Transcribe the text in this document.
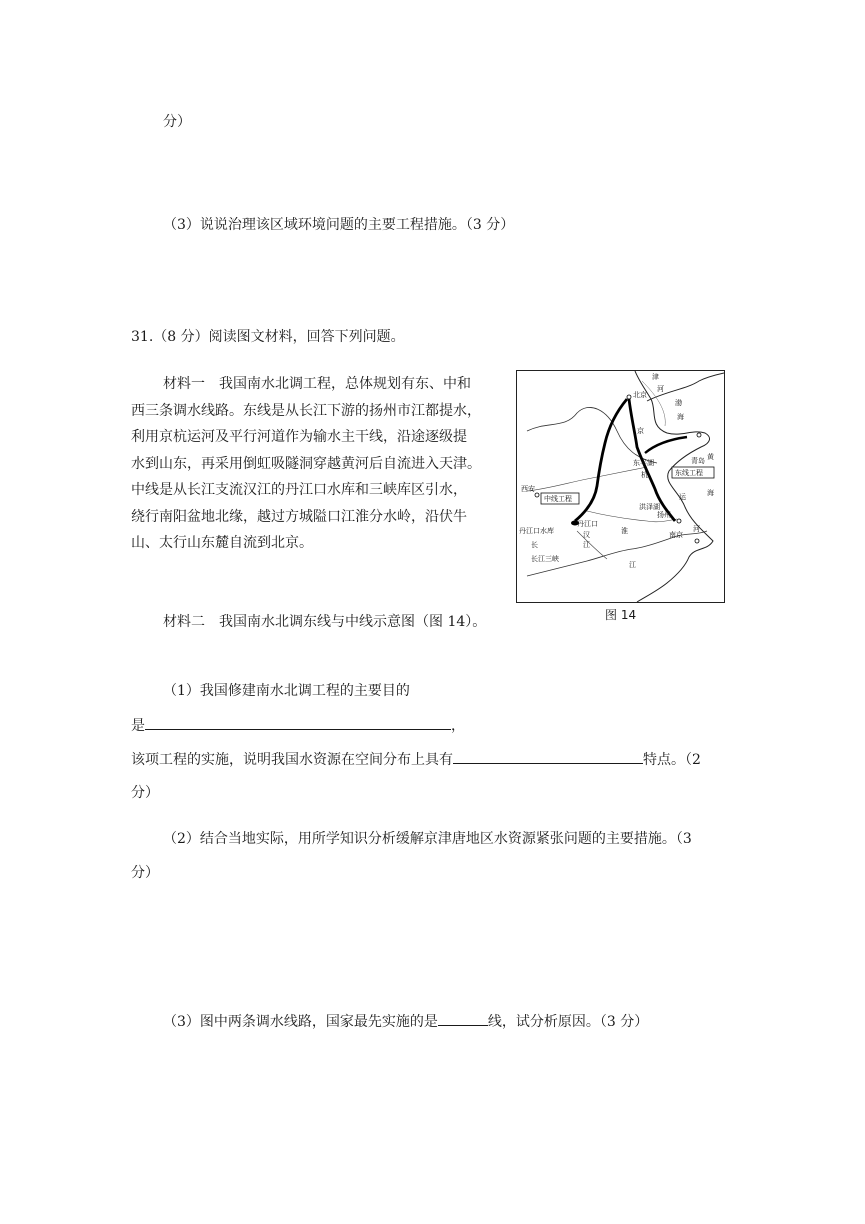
分）
（3）说说治理该区域环境问题的主要工程措施。（3 分）
31.（8 分）阅读图文材料，回答下列问题。
材料一　我国南水北调工程，总体规划有东、中和
西三条调水线路。东线是从长江下游的扬州市江都提水，
利用京杭运河及平行河道作为输水主干线，沿途逐级提
水到山东，再采用倒虹吸隧洞穿越黄河后自流进入天津。
中线是从长江支流汉江的丹江口水库和三峡库区引水，
绕行南阳盆地北缘，越过方城隘口江淮分水岭，沿伏牛
山、太行山东麓自流到北京。
材料二　我国南水北调东线与中线示意图（图 14）。
津
河
北京
渤
海
京
青岛 黄
东平湖
杭	东线工程
西安
中线工程	运
洪泽湖
扬州
海
丹江口
丹江口水库	汉	淮
江
南京
河
长
长江三峡
江
图 14
（1）我国修建南水北调工程的主要目的
是	，
该项工程的实施，说明我国水资源在空间分布上具有	特点。（2
分）
（2）结合当地实际，用所学知识分析缓解京津唐地区水资源紧张问题的主要措施。（3
分）
（3）图中两条调水线路，国家最先实施的是	线，试分析原因。（3 分）
